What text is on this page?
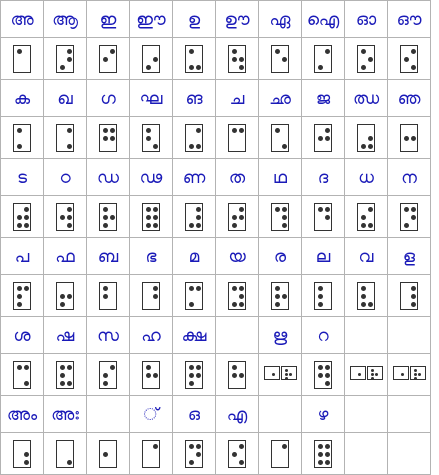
അ	ആ	ഇ	ഈ	ഉ	ഊ	ഏ	ഐ	ഓ	ഔ

ക	ഖ	ഗ	ഘ	ങ	ച	ഛ	ജ	ഝ	ഞ

ട	ഠ	ഡ	ഢ	ണ	ത	ഥ	ദ	ധ	ന

പ	ഫ	ബ	ഭ	മ	യ	ര	ല	വ	ള

ശ	ഷ	സ	ഹ	ക്ഷ		ഋ	റ		

അം	അഃ		്	ഒ	എ		ഴ		
